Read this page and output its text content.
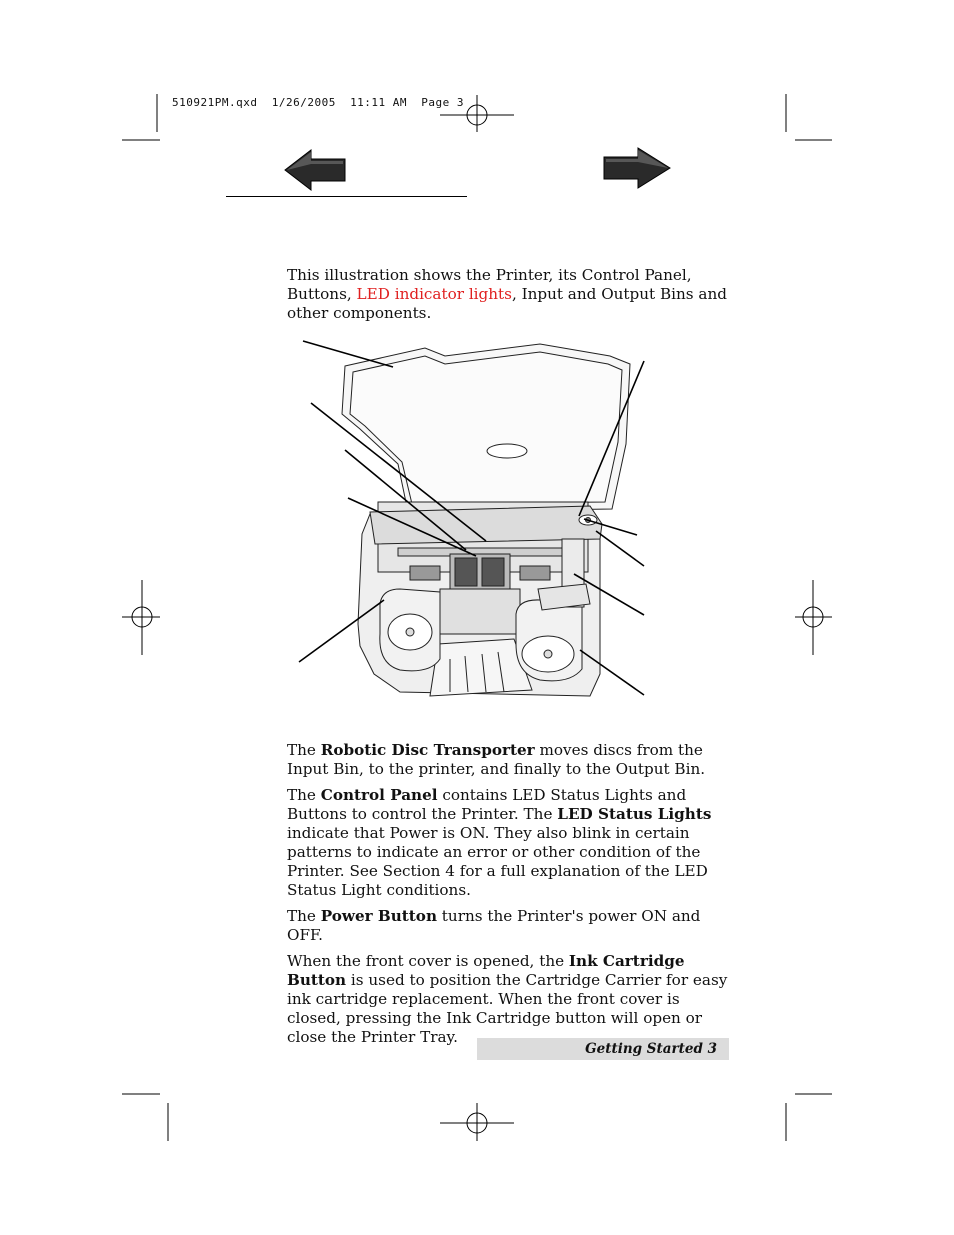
510921PM.qxd  1/26/2005  11:11 AM  Page 3

This illustration shows the Printer, its Control Panel, Buttons, LED indicator lights, Input and Output Bins and other components.

The Robotic Disc Transporter moves discs from the Input Bin, to the printer, and finally to the Output Bin.

The Control Panel contains LED Status Lights and Buttons to control the Printer. The LED Status Lights indicate that Power is ON. They also blink in certain patterns to indicate an error or other condition of the Printer. See Section 4 for a full explanation of the LED Status Light conditions.

The Power Button turns the Printer's power ON and OFF.

When the front cover is opened, the Ink Cartridge Button is used to position the Cartridge Carrier for easy ink cartridge replacement. When the front cover is closed, pressing the Ink Cartridge button will open or close the Printer Tray.

Getting Started 3
